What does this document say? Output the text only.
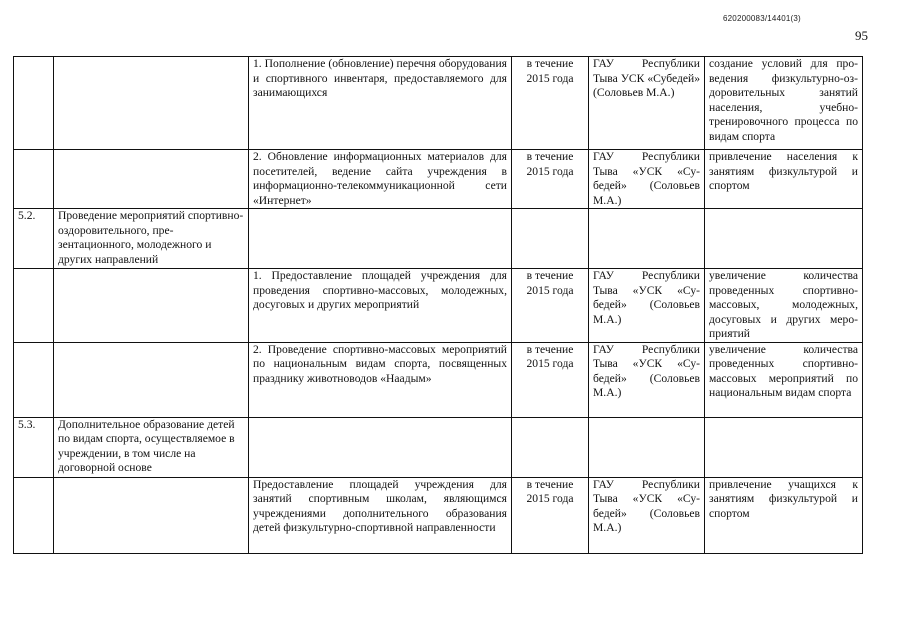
620200083/14401(3)
95
		1. Пополнение (обновление) перечня оборудования и спортивного инвентаря, предоставляемого для занимающихся	в течение 2015 года	ГАУ Республики Тыва УСК «Субедей» (Соловьев М.А.)	создание условий для проведения физкультурно-оздоровительных занятий населения, учебно-тренировочного процесса по видам спорта
		2. Обновление информационных материалов для посетителей, ведение сайта учреждения в информационно-телекоммуникационной сети «Интернет»	в течение 2015 года	ГАУ Республики Тыва «УСК «Субедей» (Соловьев М.А.)	привлечение населения к занятиям физкультурой и спортом
5.2.	Проведение мероприятий спортивно-оздоровительного, презентационного, молодежного и других направлений				
		1. Предоставление площадей учреждения для проведения спортивно-массовых, молодежных, досуговых и других мероприятий	в течение 2015 года	ГАУ Республики Тыва «УСК «Субедей» (Соловьев М.А.)	увеличение количества проведенных спортивно-массовых, молодежных, досуговых и других мероприятий
		2. Проведение спортивно-массовых мероприятий по национальным видам спорта, посвященных празднику животноводов «Наадым»	в течение 2015 года	ГАУ Республики Тыва «УСК «Субедей» (Соловьев М.А.)	увеличение количества проведенных спортивно-массовых мероприятий по национальным видам спорта
5.3.	Дополнительное образование детей по видам спорта, осуществляемое в учреждении, в том числе на договорной основе				
		Предоставление площадей учреждения для занятий спортивным школам, являющимся учреждениями дополнительного образования детей физкультурно-спортивной направленности	в течение 2015 года	ГАУ Республики Тыва «УСК «Субедей» (Соловьев М.А.)	привлечение учащихся к занятиям физкультурой и спортом
